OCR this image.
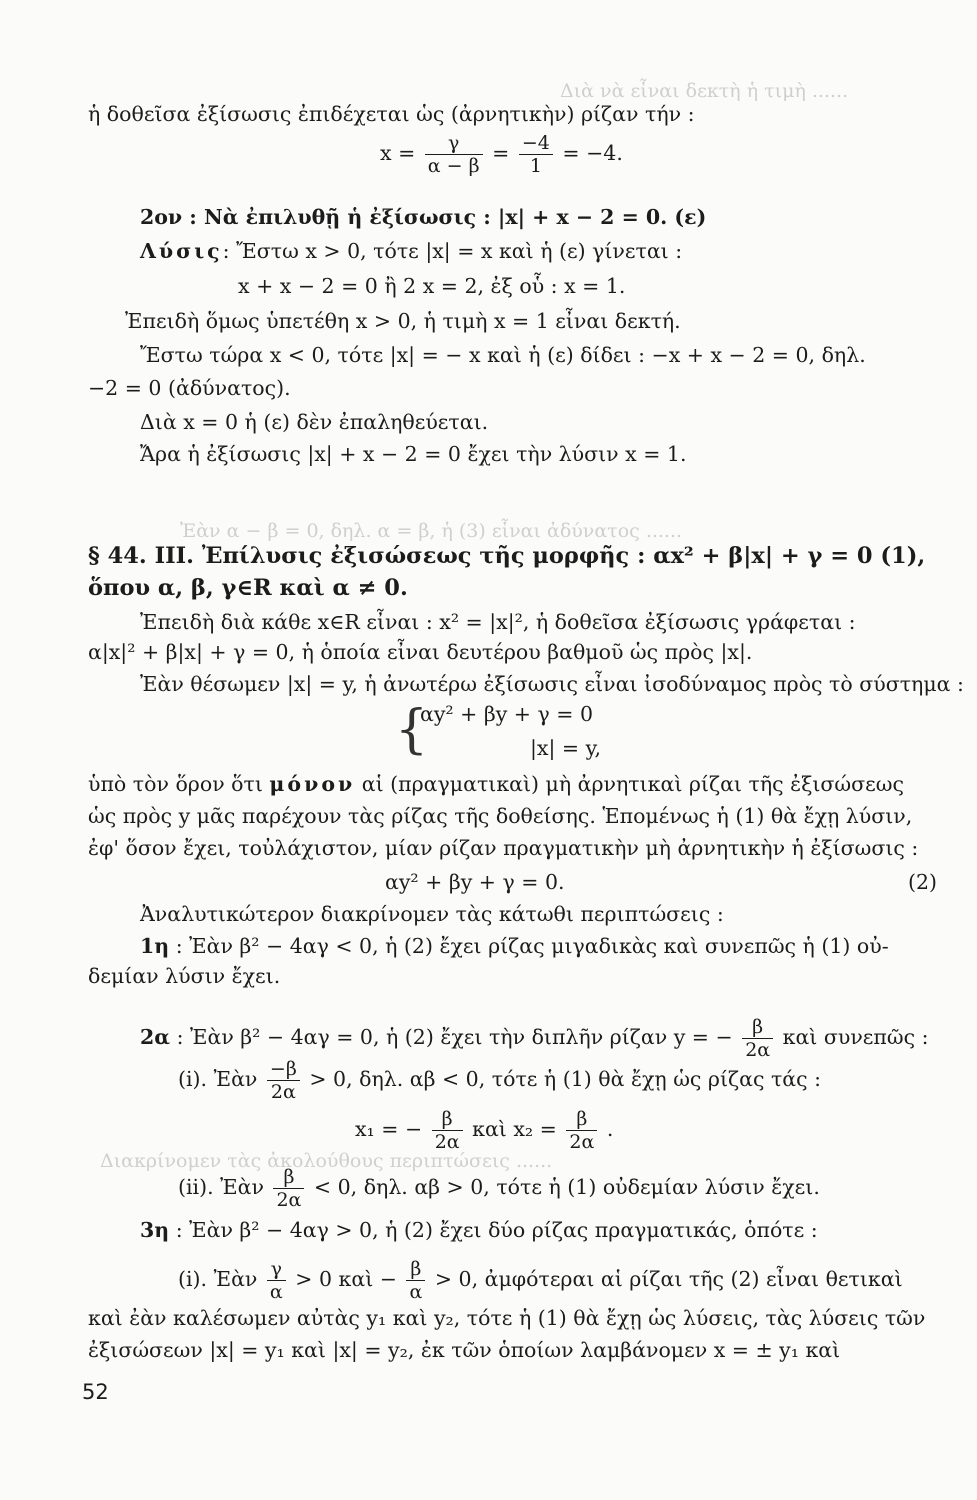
Διὰ νὰ εἶναι δεκτὴ ἡ τιμὴ ......
Ἐὰν α − β = 0, δηλ. α = β, ἡ (3) εἶναι ἀδύνατος ......
Διακρίνομεν τὰς ἀκολούθους περιπτώσεις ......
ἡ δοθεῖσα ἐξίσωσις ἐπιδέχεται ὡς (ἀρνητικὴν) ρίζαν τήν :
$x = \frac{\gamma}{\alpha - \beta} = \frac{-4}{1} = -4$.
2ον : Νὰ ἐπιλυθῇ ἡ ἐξίσωσις : |x| + x − 2 = 0. (ε)
Λύσις: Ἔστω x > 0, τότε |x| = x καὶ ἡ (ε) γίνεται :
x + x − 2 = 0 ἢ 2 x = 2, ἐξ οὗ : x = 1.
Ἐπειδὴ ὅμως ὑπετέθη x > 0, ἡ τιμὴ x = 1 εἶναι δεκτή.
Ἔστω τώρα x < 0, τότε |x| = − x καὶ ἡ (ε) δίδει : −x + x − 2 = 0, δηλ.
−2 = 0 (ἀδύνατος).
Διὰ x = 0 ἡ (ε) δὲν ἐπαληθεύεται.
Ἄρα ἡ ἐξίσωσις |x| + x − 2 = 0 ἔχει τὴν λύσιν x = 1.
§ 44. ΙΙΙ. Ἐπίλυσις ἐξισώσεως τῆς μορφῆς : αx² + β|x| + γ = 0 (1),
ὅπου α, β, γ∈R καὶ α ≠ 0.
Ἐπειδὴ διὰ κάθε x∈R εἶναι : x² = |x|², ἡ δοθεῖσα ἐξίσωσις γράφεται :
α|x|² + β|x| + γ = 0, ἡ ὁποία εἶναι δευτέρου βαθμοῦ ὡς πρὸς |x|.
Ἐὰν θέσωμεν |x| = y, ἡ ἀνωτέρω ἐξίσωσις εἶναι ἰσοδύναμος πρὸς τὸ σύστημα :
{
αy² + βy + γ = 0
|x| = y,
ὑπὸ τὸν ὅρον ὅτι μόνον αἱ (πραγματικαὶ) μὴ ἀρνητικαὶ ρίζαι τῆς ἐξισώσεως
ὡς πρὸς y μᾶς παρέχουν τὰς ρίζας τῆς δοθείσης. Ἑπομένως ἡ (1) θὰ ἔχῃ λύσιν,
ἐφ' ὅσον ἔχει, τοὐλάχιστον, μίαν ρίζαν πραγματικὴν μὴ ἀρνητικὴν ἡ ἐξίσωσις :
αy² + βy + γ = 0.	(2)
Ἀναλυτικώτερον διακρίνομεν τὰς κάτωθι περιπτώσεις :
1η : Ἐὰν β² − 4αγ < 0, ἡ (2) ἔχει ρίζας μιγαδικὰς καὶ συνεπῶς ἡ (1) οὐ-
δεμίαν λύσιν ἔχει.
2α : Ἐὰν β² − 4αγ = 0, ἡ (2) ἔχει τὴν διπλῆν ρίζαν y = − $\frac{\beta}{2\alpha}$ καὶ συνεπῶς :
(i). Ἐὰν $\frac{-\beta}{2\alpha} > 0$, δηλ. αβ < 0, τότε ἡ (1) θὰ ἔχῃ ὡς ρίζας τάς :
x₁ = − $\frac{\beta}{2\alpha}$ καὶ $x_2 = \frac{\beta}{2\alpha}$ .
(ii). Ἐὰν $\frac{\beta}{2\alpha} < 0$, δηλ. αβ > 0, τότε ἡ (1) οὐδεμίαν λύσιν ἔχει.
3η : Ἐὰν β² − 4αγ > 0, ἡ (2) ἔχει δύο ρίζας πραγματικάς, ὁπότε :
(i). Ἐὰν $\frac{\gamma}{\alpha} > 0$ καὶ − $\frac{\beta}{\alpha} > 0$, ἀμφότεραι αἱ ρίζαι τῆς (2) εἶναι θετικαὶ
καὶ ἐὰν καλέσωμεν αὐτὰς y₁ καὶ y₂, τότε ἡ (1) θὰ ἔχῃ ὡς λύσεις, τὰς λύσεις τῶν
ἐξισώσεων |x| = y₁ καὶ |x| = y₂, ἐκ τῶν ὁποίων λαμβάνομεν x = ± y₁ καὶ
52
